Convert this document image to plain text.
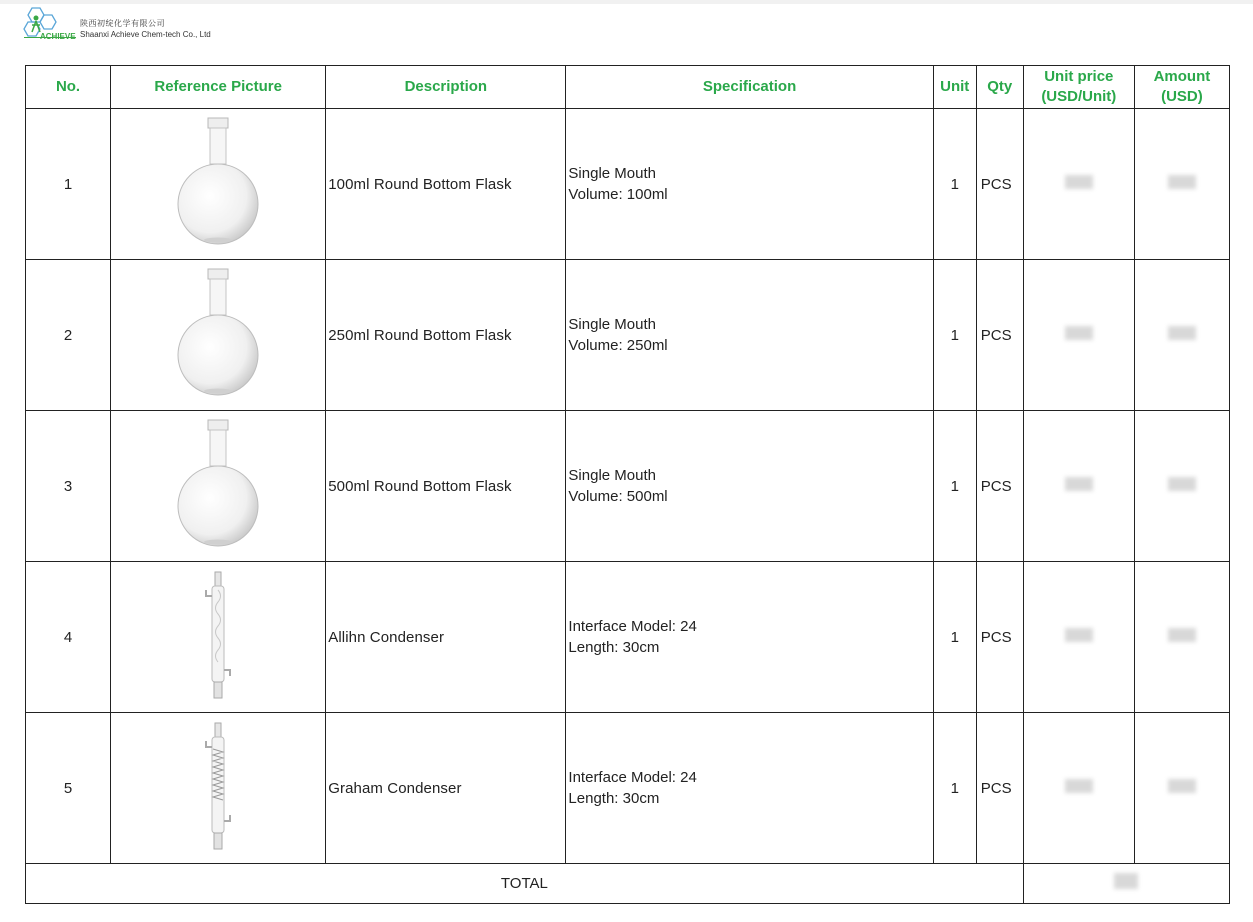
陕西初绽化学有限公司
Shaanxi Achieve Chem-tech Co., Ltd
ACHIEVE
No.	Reference Picture	Description	Specification	Unit	Qty	Unit price
(USD/Unit)	Amount
(USD)
1		100ml Round Bottom Flask	Single Mouth
Volume: 100ml	1	PCS		
2		250ml Round Bottom Flask	Single Mouth
Volume: 250ml	1	PCS		
3		500ml Round Bottom Flask	Single Mouth
Volume: 500ml	1	PCS		
4		Allihn Condenser	Interface Model: 24
Length: 30cm	1	PCS		
5		Graham Condenser	Interface Model: 24
Length: 30cm	1	PCS		
TOTAL							
